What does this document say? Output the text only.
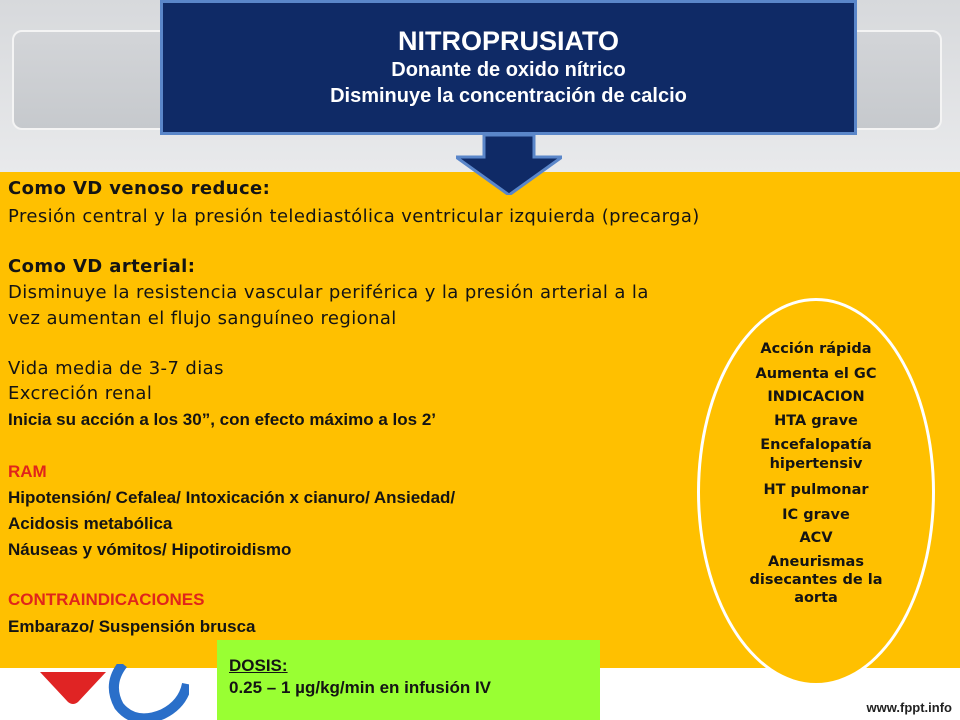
NITROPRUSIATO
Donante de oxido nítrico
Disminuye la concentración de calcio
Como VD venoso reduce:
Presión central y la presión telediastólica ventricular izquierda (precarga)
Como VD arterial:
Disminuye la resistencia vascular periférica y la presión arterial a la
vez aumentan el flujo sanguíneo regional
Vida media de 3-7 dias
Excreción renal
Inicia su acción a los 30”, con efecto máximo a los 2’
RAM
Hipotensión/ Cefalea/ Intoxicación x cianuro/ Ansiedad/
Acidosis metabólica
Náuseas y vómitos/ Hipotiroidismo
CONTRAINDICACIONES
Embarazo/ Suspensión brusca
Acción rápida
Aumenta el GC
INDICACION
HTA grave
Encefalopatía
hipertensiv
HT pulmonar
IC grave
ACV
Aneurismas
disecantes de la
aorta
DOSIS:
0.25 – 1 µg/kg/min en infusión IV
www.fppt.info
